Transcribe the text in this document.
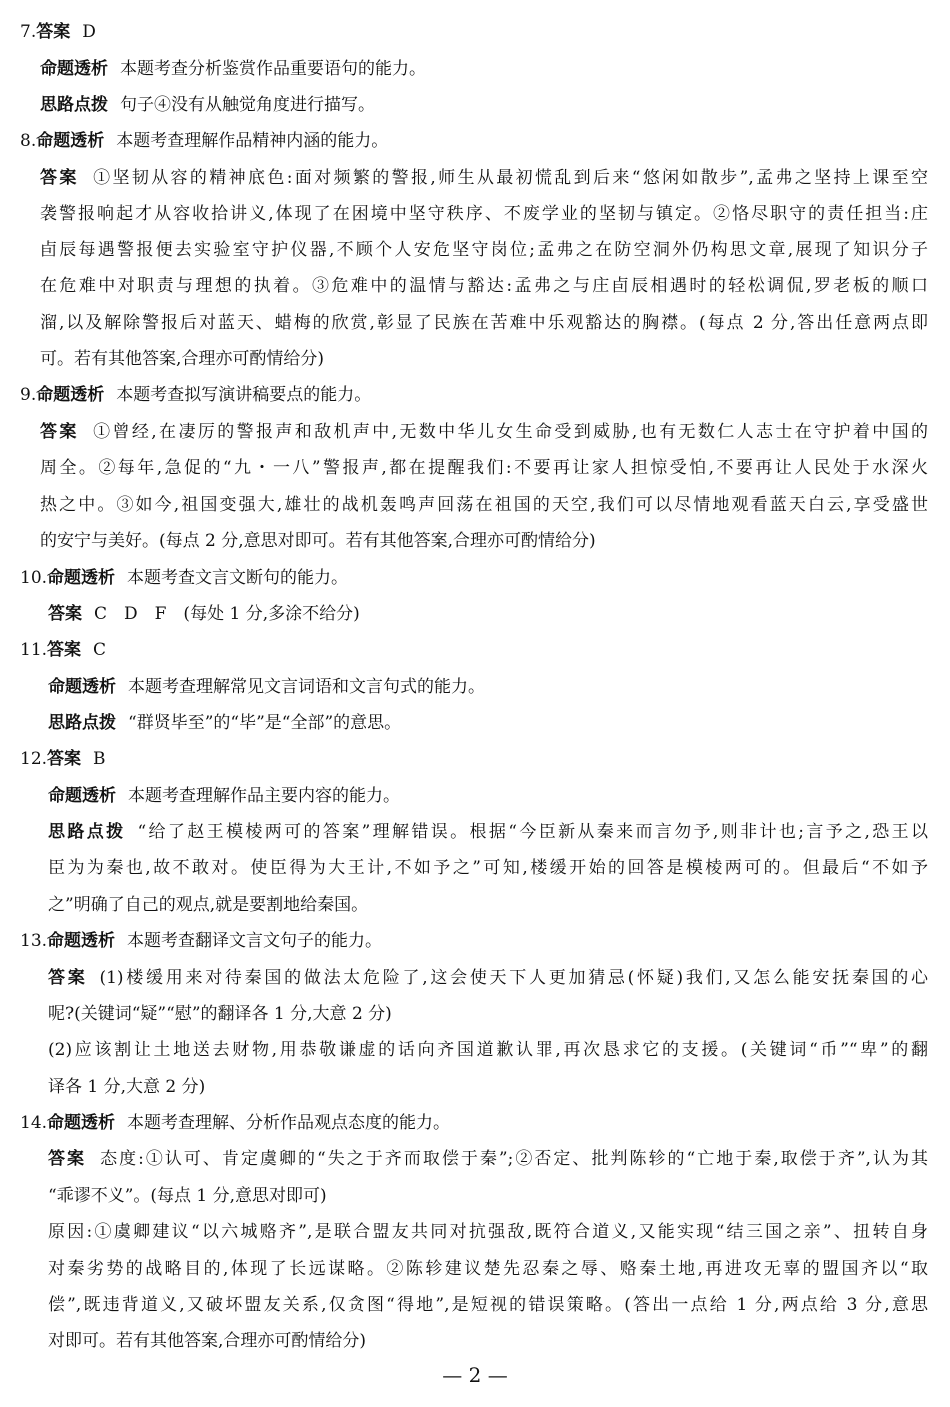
7.答案 D
命题透析 本题考查分析鉴赏作品重要语句的能力。
思路点拨 句子④没有从触觉角度进行描写。
8.命题透析 本题考查理解作品精神内涵的能力。
答案 ①坚韧从容的精神底色:面对频繁的警报,师生从最初慌乱到后来“悠闲如散步”,孟弗之坚持上课至空
袭警报响起才从容收拾讲义,体现了在困境中坚守秩序、不废学业的坚韧与镇定。②恪尽职守的责任担当:庄
卣辰每遇警报便去实验室守护仪器,不顾个人安危坚守岗位;孟弗之在防空洞外仍构思文章,展现了知识分子
在危难中对职责与理想的执着。③危难中的温情与豁达:孟弗之与庄卣辰相遇时的轻松调侃,罗老板的顺口
溜,以及解除警报后对蓝天、蜡梅的欣赏,彰显了民族在苦难中乐观豁达的胸襟。(每点 2 分,答出任意两点即
可。若有其他答案,合理亦可酌情给分)
9.命题透析 本题考查拟写演讲稿要点的能力。
答案 ①曾经,在凄厉的警报声和敌机声中,无数中华儿女生命受到威胁,也有无数仁人志士在守护着中国的
周全。②每年,急促的“九・一八”警报声,都在提醒我们:不要再让家人担惊受怕,不要再让人民处于水深火
热之中。③如今,祖国变强大,雄壮的战机轰鸣声回荡在祖国的天空,我们可以尽情地观看蓝天白云,享受盛世
的安宁与美好。(每点 2 分,意思对即可。若有其他答案,合理亦可酌情给分)
10.命题透析 本题考查文言文断句的能力。
答案 C　D　F　(每处 1 分,多涂不给分)
11.答案 C
命题透析 本题考查理解常见文言词语和文言句式的能力。
思路点拨 “群贤毕至”的“毕”是“全部”的意思。
12.答案 B
命题透析 本题考查理解作品主要内容的能力。
思路点拨 “给了赵王模棱两可的答案”理解错误。根据“今臣新从秦来而言勿予,则非计也;言予之,恐王以
臣为为秦也,故不敢对。使臣得为大王计,不如予之”可知,楼缓开始的回答是模棱两可的。但最后“不如予
之”明确了自己的观点,就是要割地给秦国。
13.命题透析 本题考查翻译文言文句子的能力。
答案 (1)楼缓用来对待秦国的做法太危险了,这会使天下人更加猜忌(怀疑)我们,又怎么能安抚秦国的心
呢?(关键词“疑”“慰”的翻译各 1 分,大意 2 分)
(2)应该割让土地送去财物,用恭敬谦虚的话向齐国道歉认罪,再次恳求它的支援。(关键词“币”“卑”的翻
译各 1 分,大意 2 分)
14.命题透析 本题考查理解、分析作品观点态度的能力。
答案 态度:①认可、肯定虞卿的“失之于齐而取偿于秦”;②否定、批判陈轸的“亡地于秦,取偿于齐”,认为其
“乖谬不义”。(每点 1 分,意思对即可)
原因:①虞卿建议“以六城赂齐”,是联合盟友共同对抗强敌,既符合道义,又能实现“结三国之亲”、扭转自身
对秦劣势的战略目的,体现了长远谋略。②陈轸建议楚先忍秦之辱、赂秦土地,再进攻无辜的盟国齐以“取
偿”,既违背道义,又破坏盟友关系,仅贪图“得地”,是短视的错误策略。(答出一点给 1 分,两点给 3 分,意思
对即可。若有其他答案,合理亦可酌情给分)
— 2 —
